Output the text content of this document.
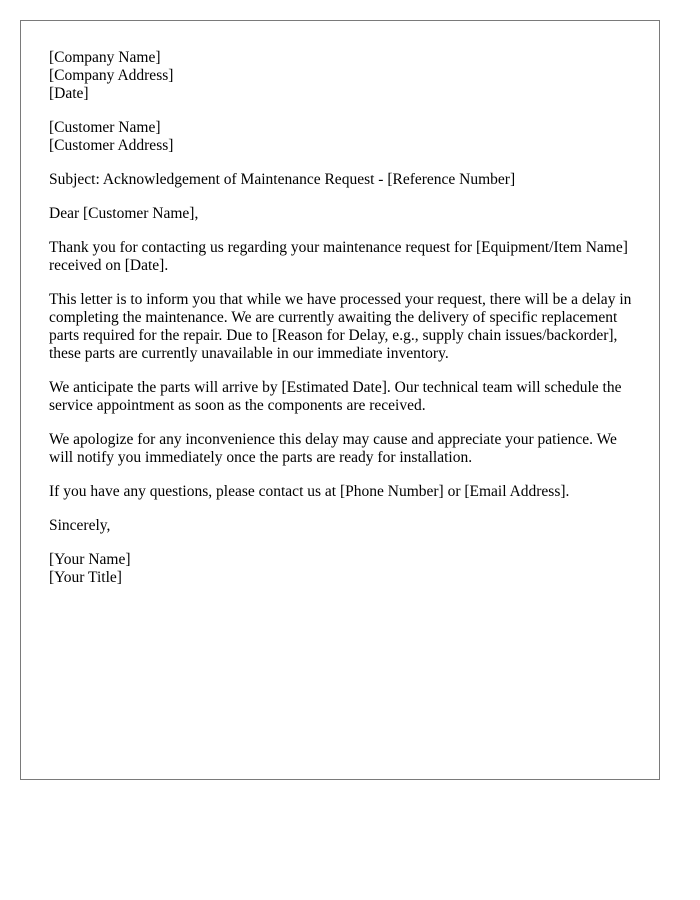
[Company Name]
[Company Address]
[Date]
[Customer Name]
[Customer Address]

Subject: Acknowledgement of Maintenance Request - [Reference Number]

Dear [Customer Name],

Thank you for contacting us regarding your maintenance request for [Equipment/Item Name] received on [Date].

This letter is to inform you that while we have processed your request, there will be a delay in completing the maintenance. We are currently awaiting the delivery of specific replacement parts required for the repair. Due to [Reason for Delay, e.g., supply chain issues/backorder], these parts are currently unavailable in our immediate inventory.

We anticipate the parts will arrive by [Estimated Date]. Our technical team will schedule the service appointment as soon as the components are received.

We apologize for any inconvenience this delay may cause and appreciate your patience. We will notify you immediately once the parts are ready for installation.

If you have any questions, please contact us at [Phone Number] or [Email Address].

Sincerely,

[Your Name]
[Your Title]
